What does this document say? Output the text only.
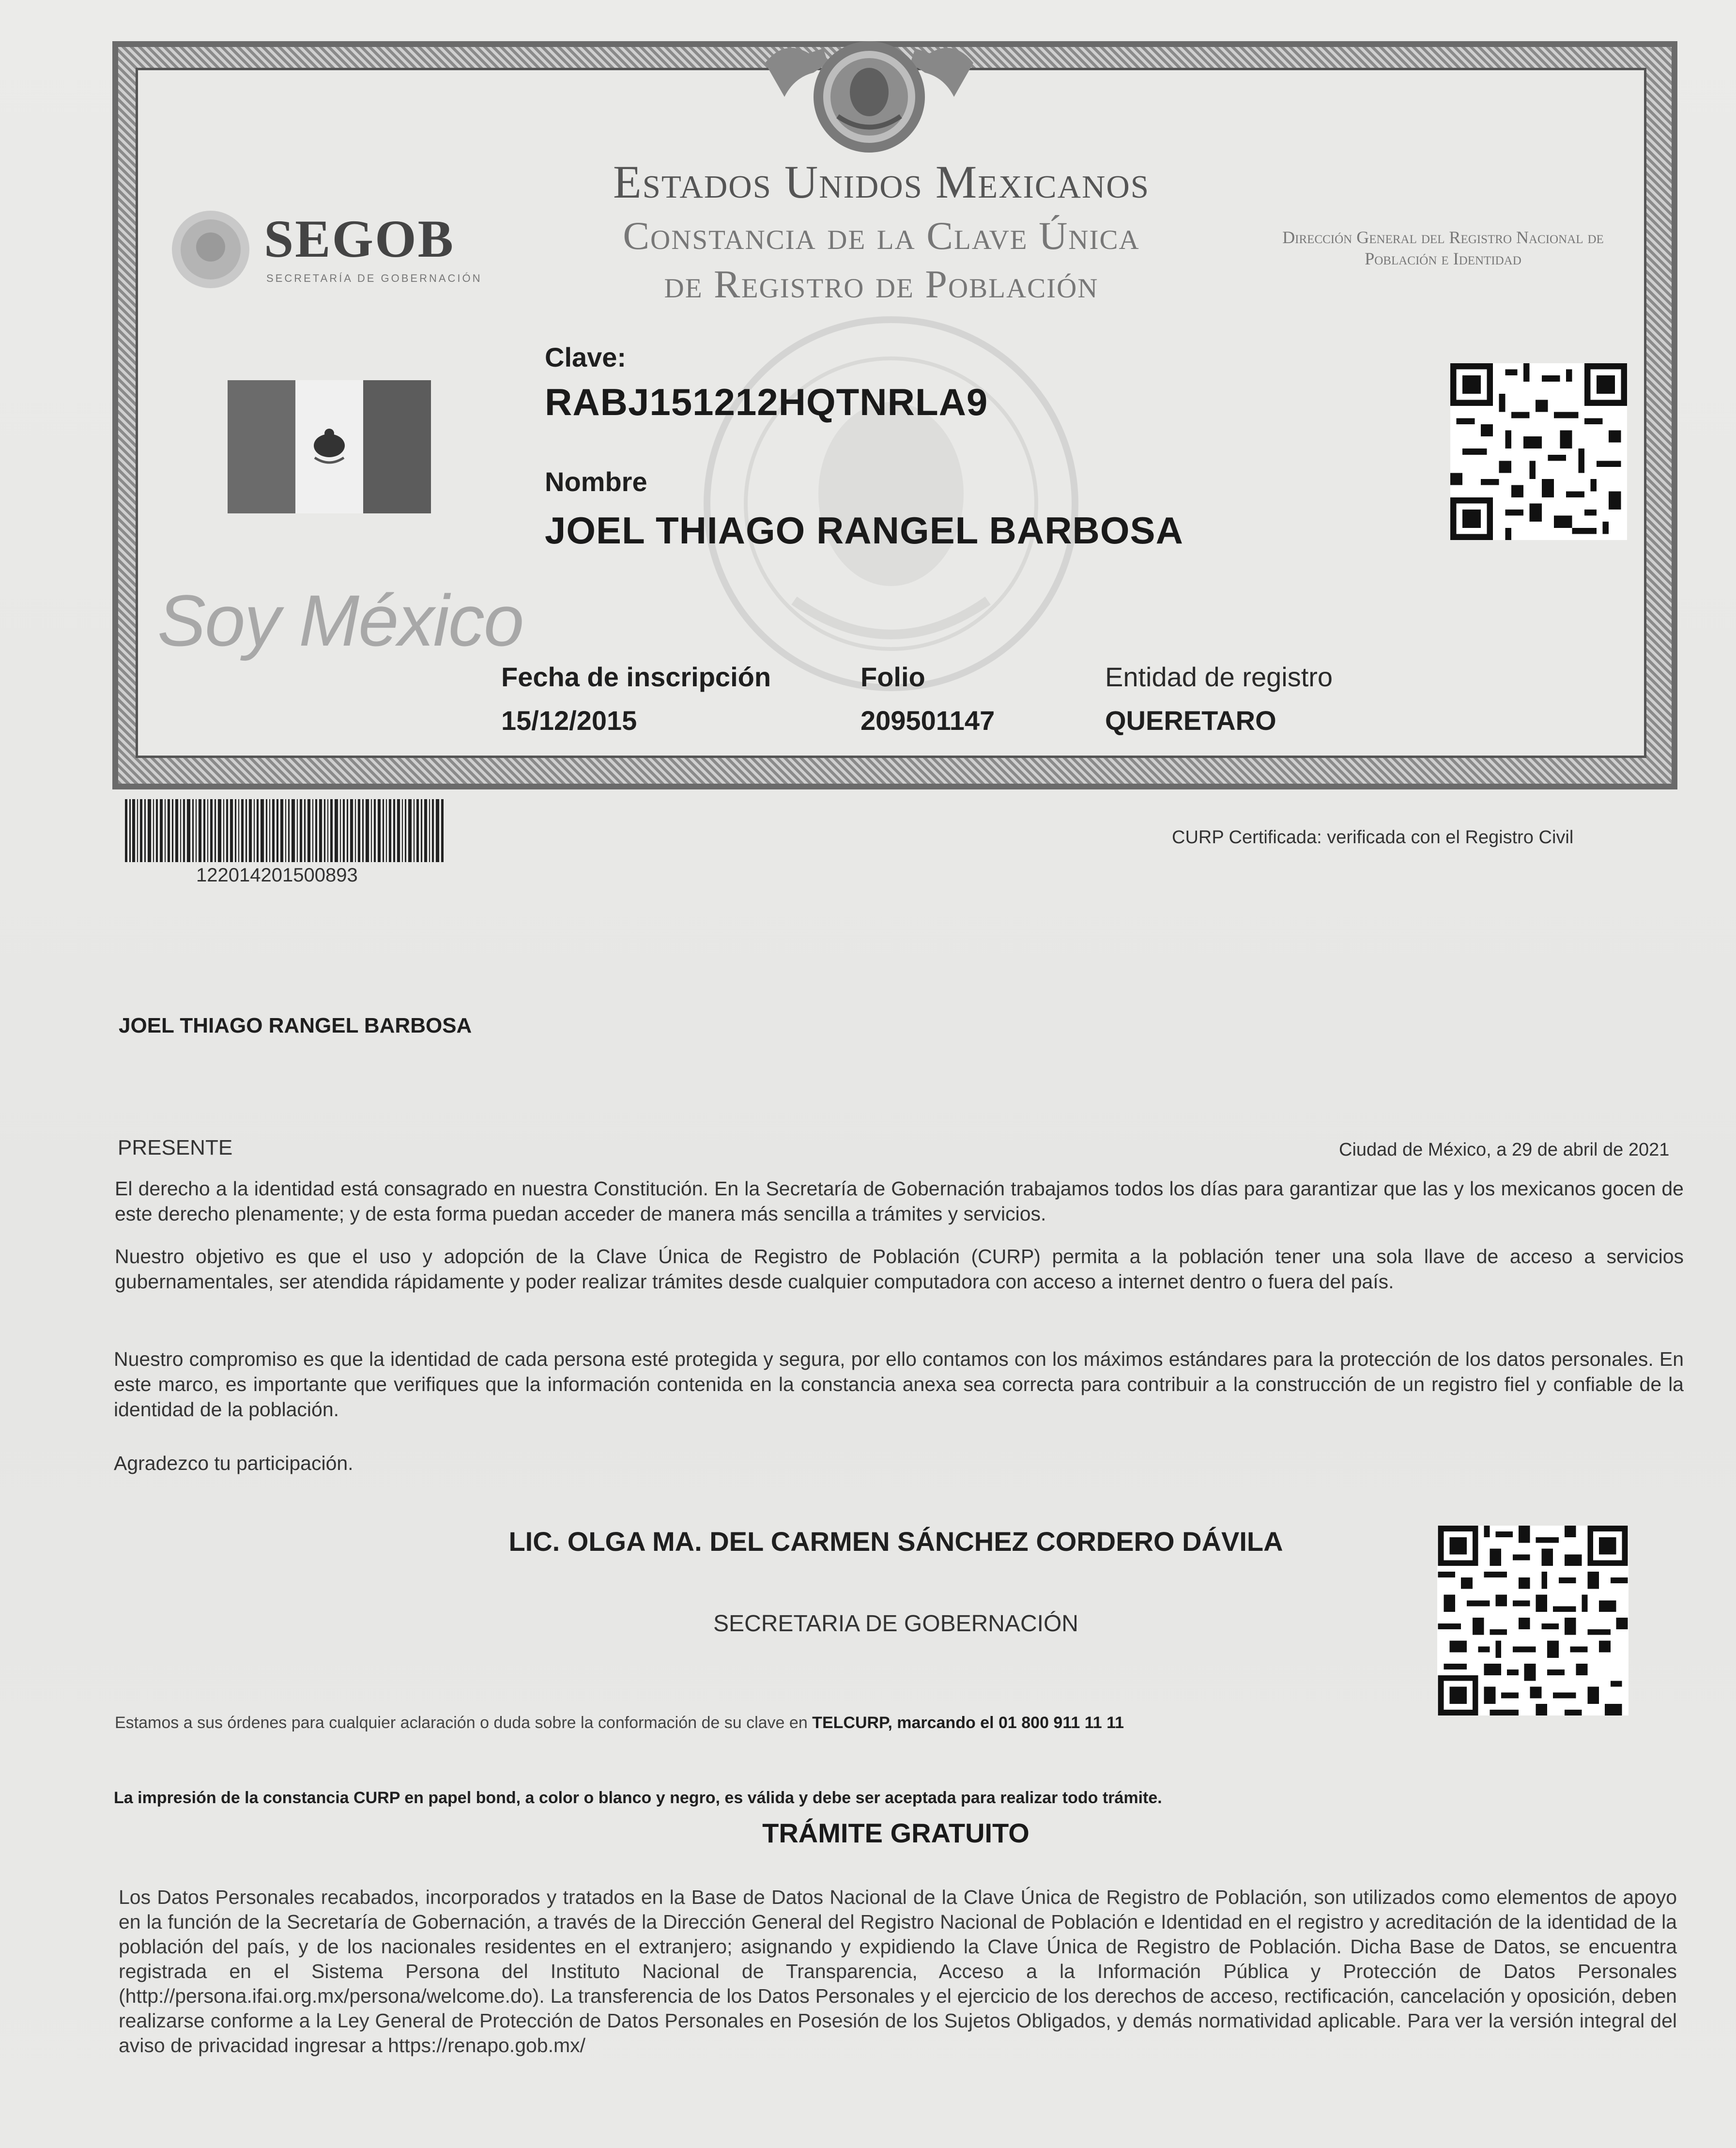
Estados Unidos Mexicanos
Constancia de la Clave Única
de Registro de Población
SEGOB
SECRETARÍA DE GOBERNACIÓN
Dirección General del Registro Nacional de Población e Identidad
Clave:
RABJ151212HQTNRLA9
Nombre
JOEL THIAGO RANGEL BARBOSA
Soy México
Fecha de inscripción
15/12/2015
Folio
209501147
Entidad de registro
QUERETARO
122014201500893
CURP Certificada: verificada con el Registro Civil
JOEL THIAGO RANGEL BARBOSA
PRESENTE	Ciudad de México, a 29 de abril de 2021
El derecho a la identidad está consagrado en nuestra Constitución. En la Secretaría de Gobernación trabajamos todos los días para garantizar que las y los mexicanos gocen de este derecho plenamente; y de esta forma puedan acceder de manera más sencilla a trámites y servicios.
Nuestro objetivo es que el uso y adopción de la Clave Única de Registro de Población (CURP) permita a la población tener una sola llave de acceso a servicios gubernamentales, ser atendida rápidamente y poder realizar trámites desde cualquier computadora con acceso a internet dentro o fuera del país.
Nuestro compromiso es que la identidad de cada persona esté protegida y segura, por ello contamos con los máximos estándares para la protección de los datos personales. En este marco, es importante que verifiques que la información contenida en la constancia anexa sea correcta para contribuir a la construcción de un registro fiel y confiable de la identidad de la población.
Agradezco tu participación.
LIC. OLGA MA. DEL CARMEN SÁNCHEZ CORDERO DÁVILA
SECRETARIA DE GOBERNACIÓN
Estamos a sus órdenes para cualquier aclaración o duda sobre la conformación de su clave en TELCURP, marcando el 01 800 911 11 11
La impresión de la constancia CURP en papel bond, a color o blanco y negro, es válida y debe ser aceptada para realizar todo trámite.
TRÁMITE GRATUITO
Los Datos Personales recabados, incorporados y tratados en la Base de Datos Nacional de la Clave Única de Registro de Población, son utilizados como elementos de apoyo en la función de la Secretaría de Gobernación, a través de la Dirección General del Registro Nacional de Población e Identidad en el registro y acreditación de la identidad de la población del país, y de los nacionales residentes en el extranjero; asignando y expidiendo la Clave Única de Registro de Población. Dicha Base de Datos, se encuentra registrada en el Sistema Persona del Instituto Nacional de Transparencia, Acceso a la Información Pública y Protección de Datos Personales (http://persona.ifai.org.mx/persona/welcome.do). La transferencia de los Datos Personales y el ejercicio de los derechos de acceso, rectificación, cancelación y oposición, deben realizarse conforme a la Ley General de Protección de Datos Personales en Posesión de los Sujetos Obligados, y demás normatividad aplicable. Para ver la versión integral del aviso de privacidad ingresar a https://renapo.gob.mx/
